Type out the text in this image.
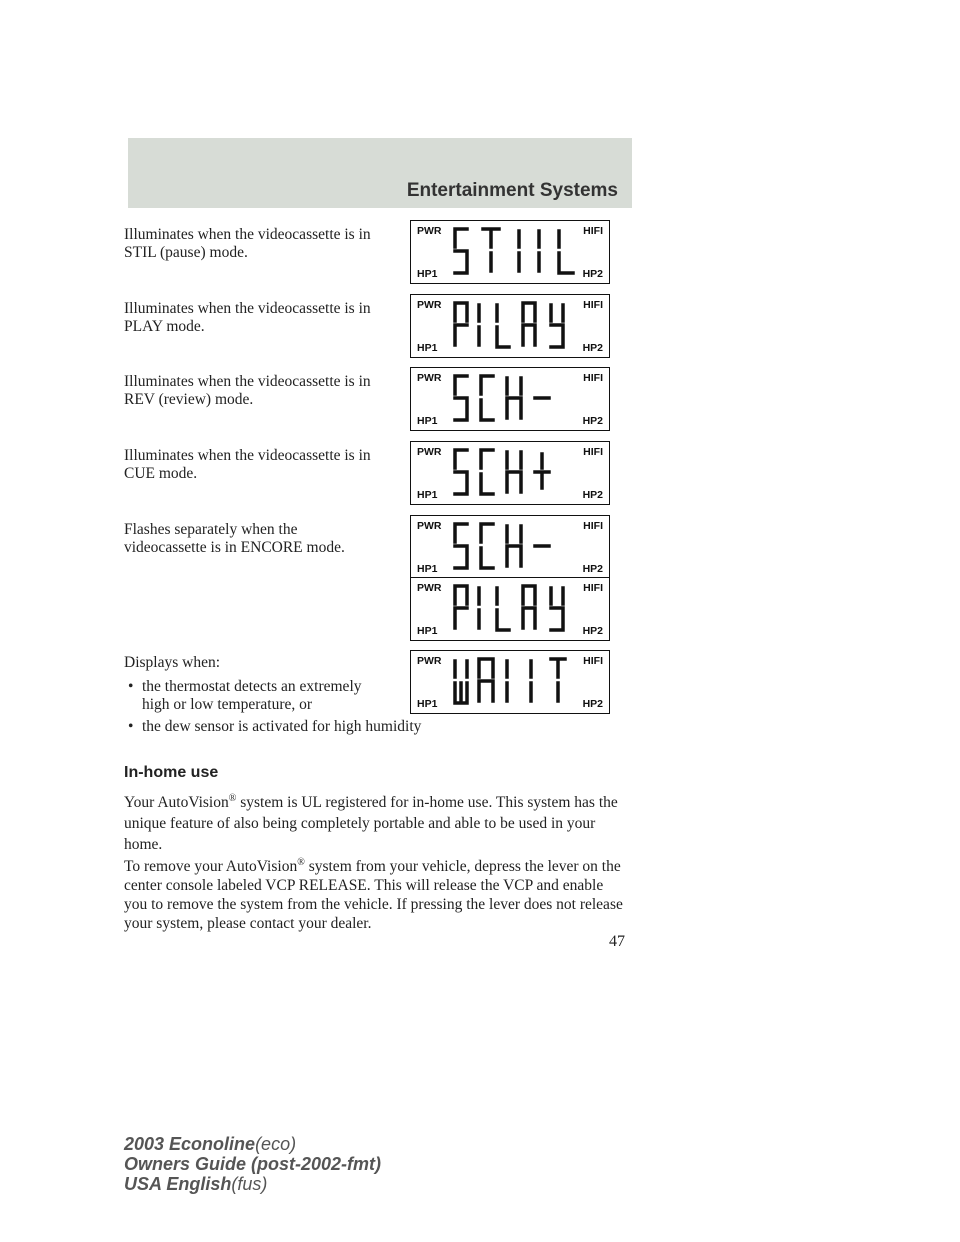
Entertainment Systems
Illuminates when the videocassette is in STIL (pause) mode.
Illuminates when the videocassette is in PLAY mode.
Illuminates when the videocassette is in REV (review) mode.
Illuminates when the videocassette is in CUE mode.
Flashes separately when the videocassette is in ENCORE mode.
Displays when:
PWR	HIFI
HP1	HP2
PWR	HIFI
HP1	HP2
PWR	HIFI
HP1	HP2
PWR	HIFI
HP1	HP2
PWR	HIFI
HP1	HP2
PWR	HIFI
HP1	HP2
PWR	HIFI
HP1	HP2
• the thermostat detects an extremely high or low temperature, or
• the dew sensor is activated for high humidity
In-home use
Your AutoVision® system is UL registered for in-home use. This system has the unique feature of also being completely portable and able to be used in your home.
To remove your AutoVision® system from your vehicle, depress the lever on the center console labeled VCP RELEASE. This will release the VCP and enable you to remove the system from the vehicle. If pressing the lever does not release your system, please contact your dealer.
47
2003 Econoline(eco)
Owners Guide (post-2002-fmt)
USA English(fus)
